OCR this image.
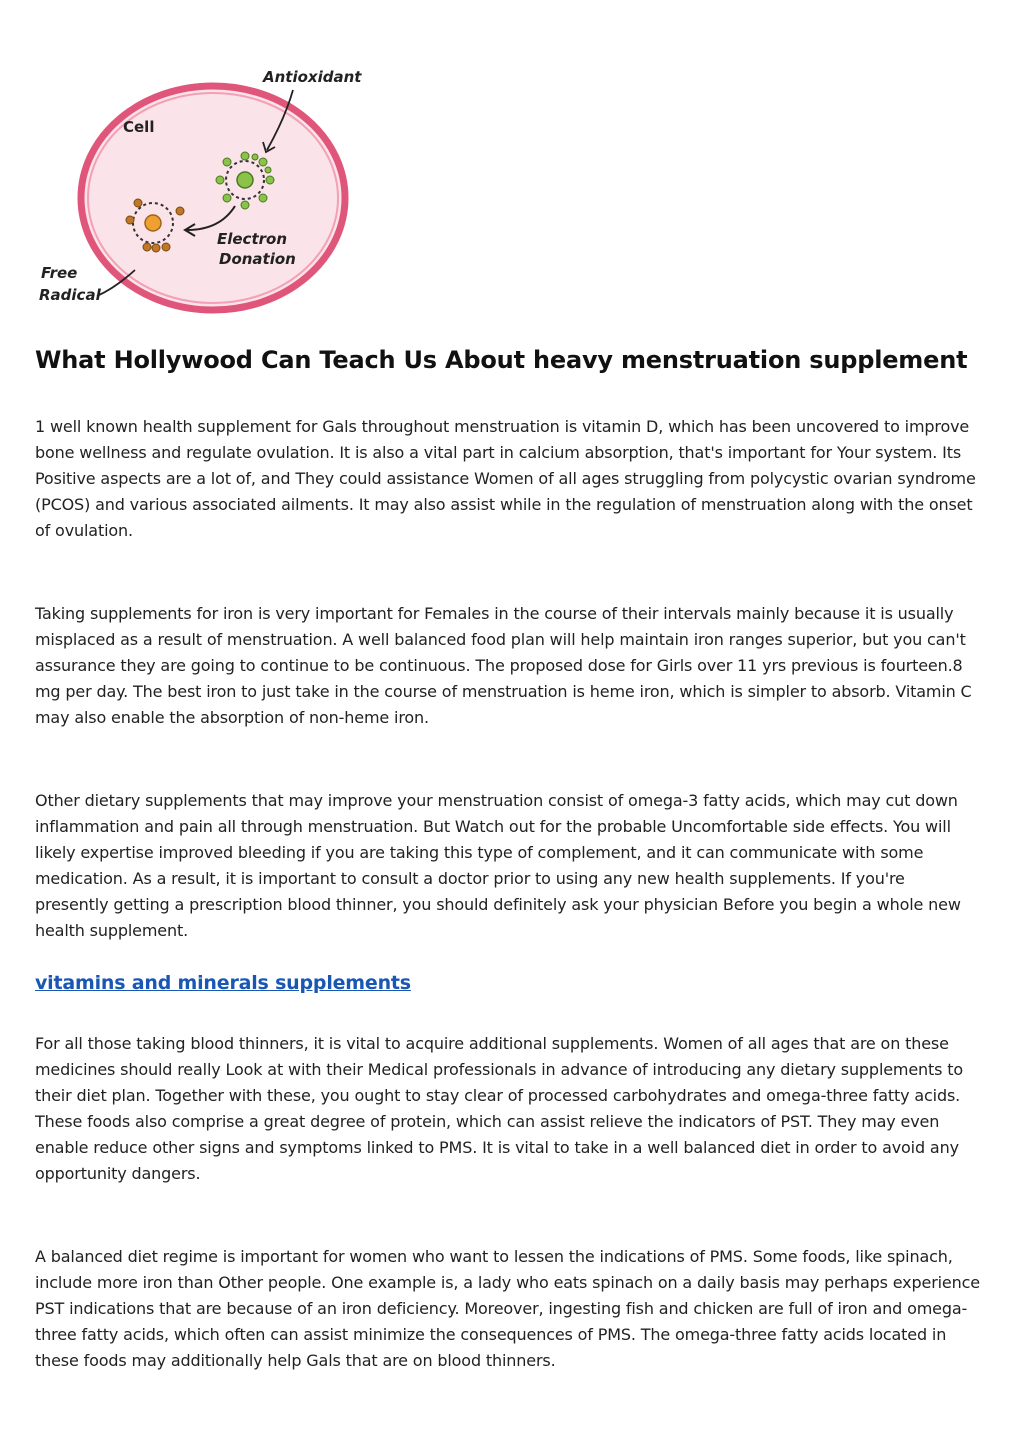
Antioxidant
Cell
Electron
Donation
Free
Radical
What Hollywood Can Teach Us About heavy menstruation supplement

1 well known health supplement for Gals throughout menstruation is vitamin D, which has been uncovered to improve bone wellness and regulate ovulation. It is also a vital part in calcium absorption, that's important for Your system. Its Positive aspects are a lot of, and They could assistance Women of all ages struggling from polycystic ovarian syndrome (PCOS) and various associated ailments. It may also assist while in the regulation of menstruation along with the onset of ovulation.

Taking supplements for iron is very important for Females in the course of their intervals mainly because it is usually misplaced as a result of menstruation. A well balanced food plan will help maintain iron ranges superior, but you can't assurance they are going to continue to be continuous. The proposed dose for Girls over 11 yrs previous is fourteen.8 mg per day. The best iron to just take in the course of menstruation is heme iron, which is simpler to absorb. Vitamin C may also enable the absorption of non-heme iron.

Other dietary supplements that may improve your menstruation consist of omega-3 fatty acids, which may cut down inflammation and pain all through menstruation. But Watch out for the probable Uncomfortable side effects. You will likely expertise improved bleeding if you are taking this type of complement, and it can communicate with some medication. As a result, it is important to consult a doctor prior to using any new health supplements. If you're presently getting a prescription blood thinner, you should definitely ask your physician Before you begin a whole new health supplement.

vitamins and minerals supplements

For all those taking blood thinners, it is vital to acquire additional supplements. Women of all ages that are on these medicines should really Look at with their Medical professionals in advance of introducing any dietary supplements to their diet plan. Together with these, you ought to stay clear of processed carbohydrates and omega-three fatty acids. These foods also comprise a great degree of protein, which can assist relieve the indicators of PST. They may even enable reduce other signs and symptoms linked to PMS. It is vital to take in a well balanced diet in order to avoid any opportunity dangers.

A balanced diet regime is important for women who want to lessen the indications of PMS. Some foods, like spinach, include more iron than Other people. One example is, a lady who eats spinach on a daily basis may perhaps experience PST indications that are because of an iron deficiency. Moreover, ingesting fish and chicken are full of iron and omega-three fatty acids, which often can assist minimize the consequences of PMS. The omega-three fatty acids located in these foods may additionally help Gals that are on blood thinners.
